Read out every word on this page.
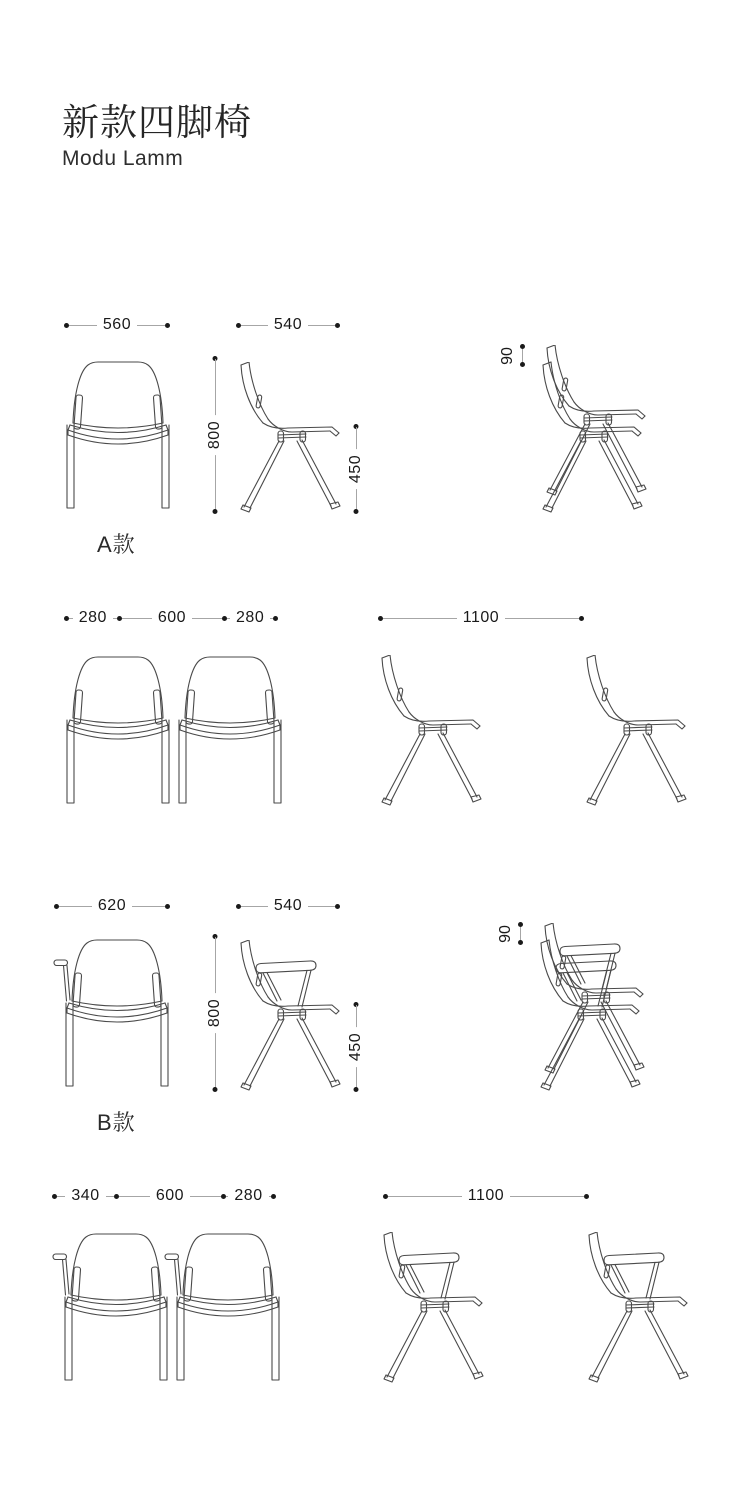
新款四脚椅
Modu Lamm
560	540
800
450
90
A款
280	600	280	1100
620	540
800
450
90
B款
340	600	280	1100
